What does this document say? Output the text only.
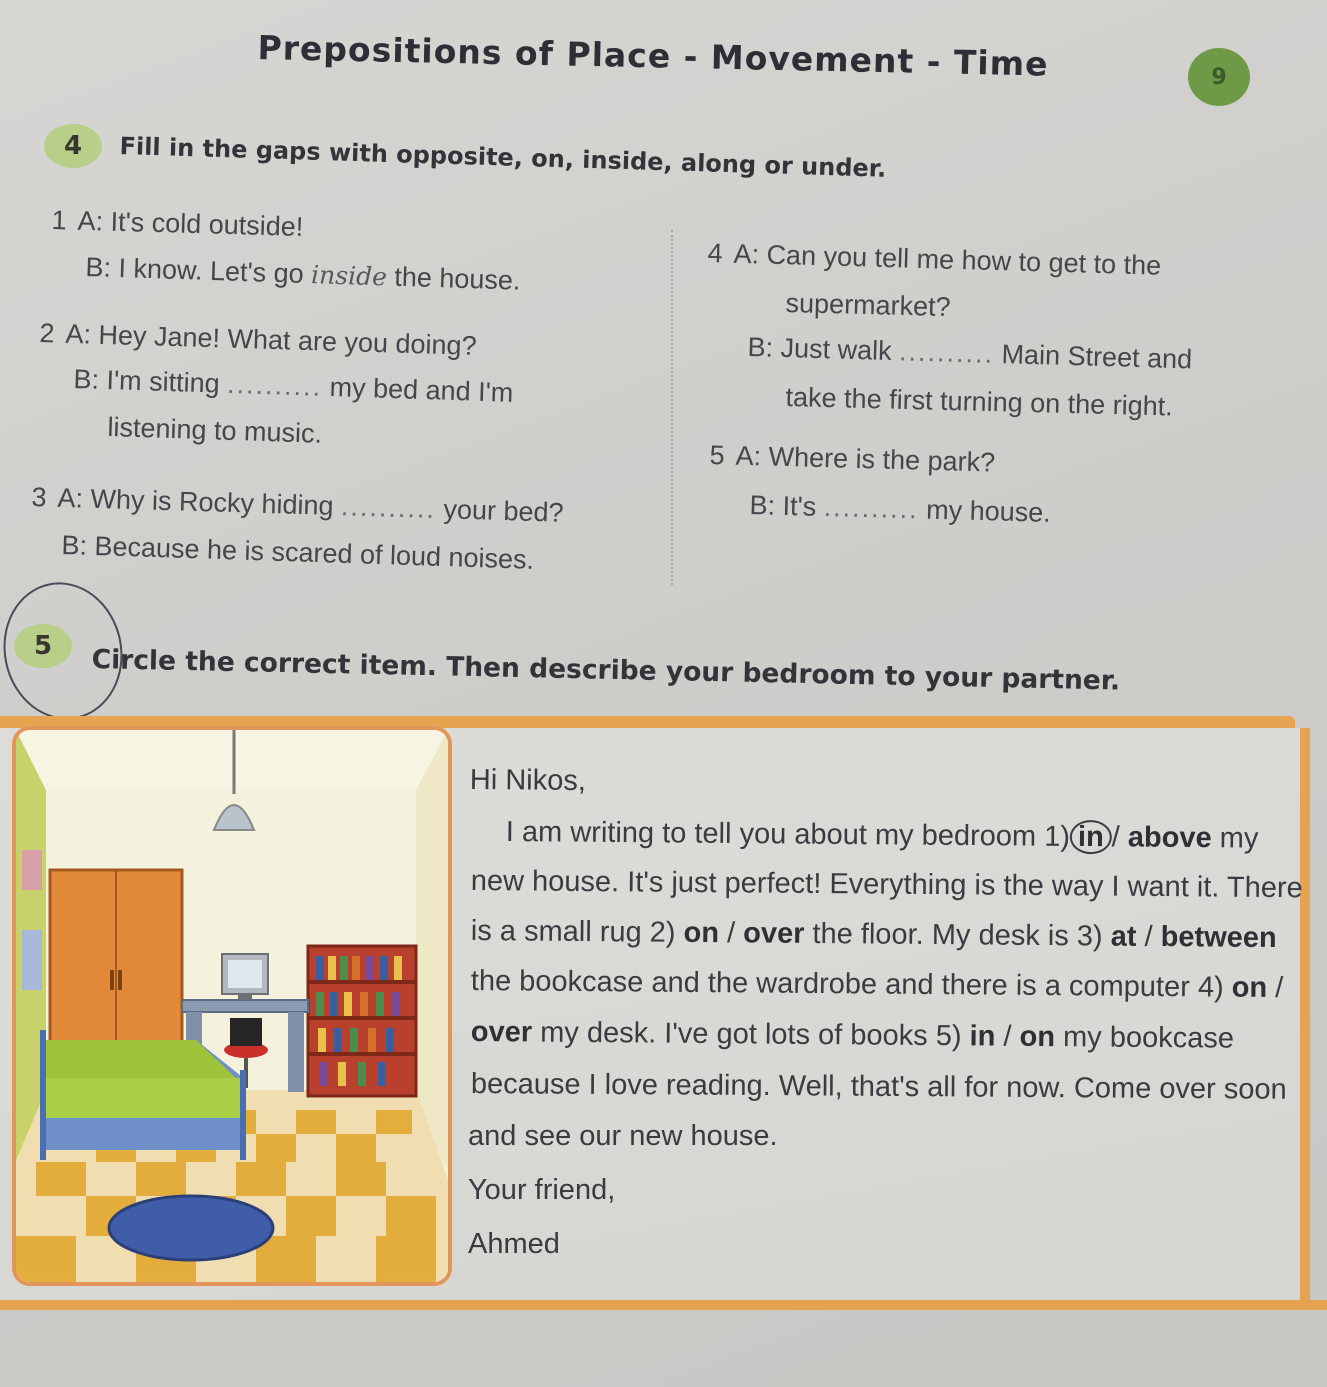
Prepositions of Place - Movement - Time	9
4	Fill in the gaps with opposite, on, inside, along or under.
1 A: It's cold outside!
B: I know. Let's go inside the house.
2 A: Hey Jane! What are you doing?
B: I'm sitting .......... my bed and I'm
listening to music.
3 A: Why is Rocky hiding .......... your bed?
B: Because he is scared of loud noises.
4 A: Can you tell me how to get to the
supermarket?
B: Just walk .......... Main Street and
take the first turning on the right.
5 A: Where is the park?
B: It's .......... my house.
5	Circle the correct item. Then describe your bedroom to your partner.
Hi Nikos,
I am writing to tell you about my bedroom 1) in / above my
new house. It's just perfect! Everything is the way I want it. There
is a small rug 2) on / over the floor. My desk is 3) at / between
the bookcase and the wardrobe and there is a computer 4) on /
over my desk. I've got lots of books 5) in / on my bookcase
because I love reading. Well, that's all for now. Come over soon
and see our new house.
Your friend,
Ahmed
